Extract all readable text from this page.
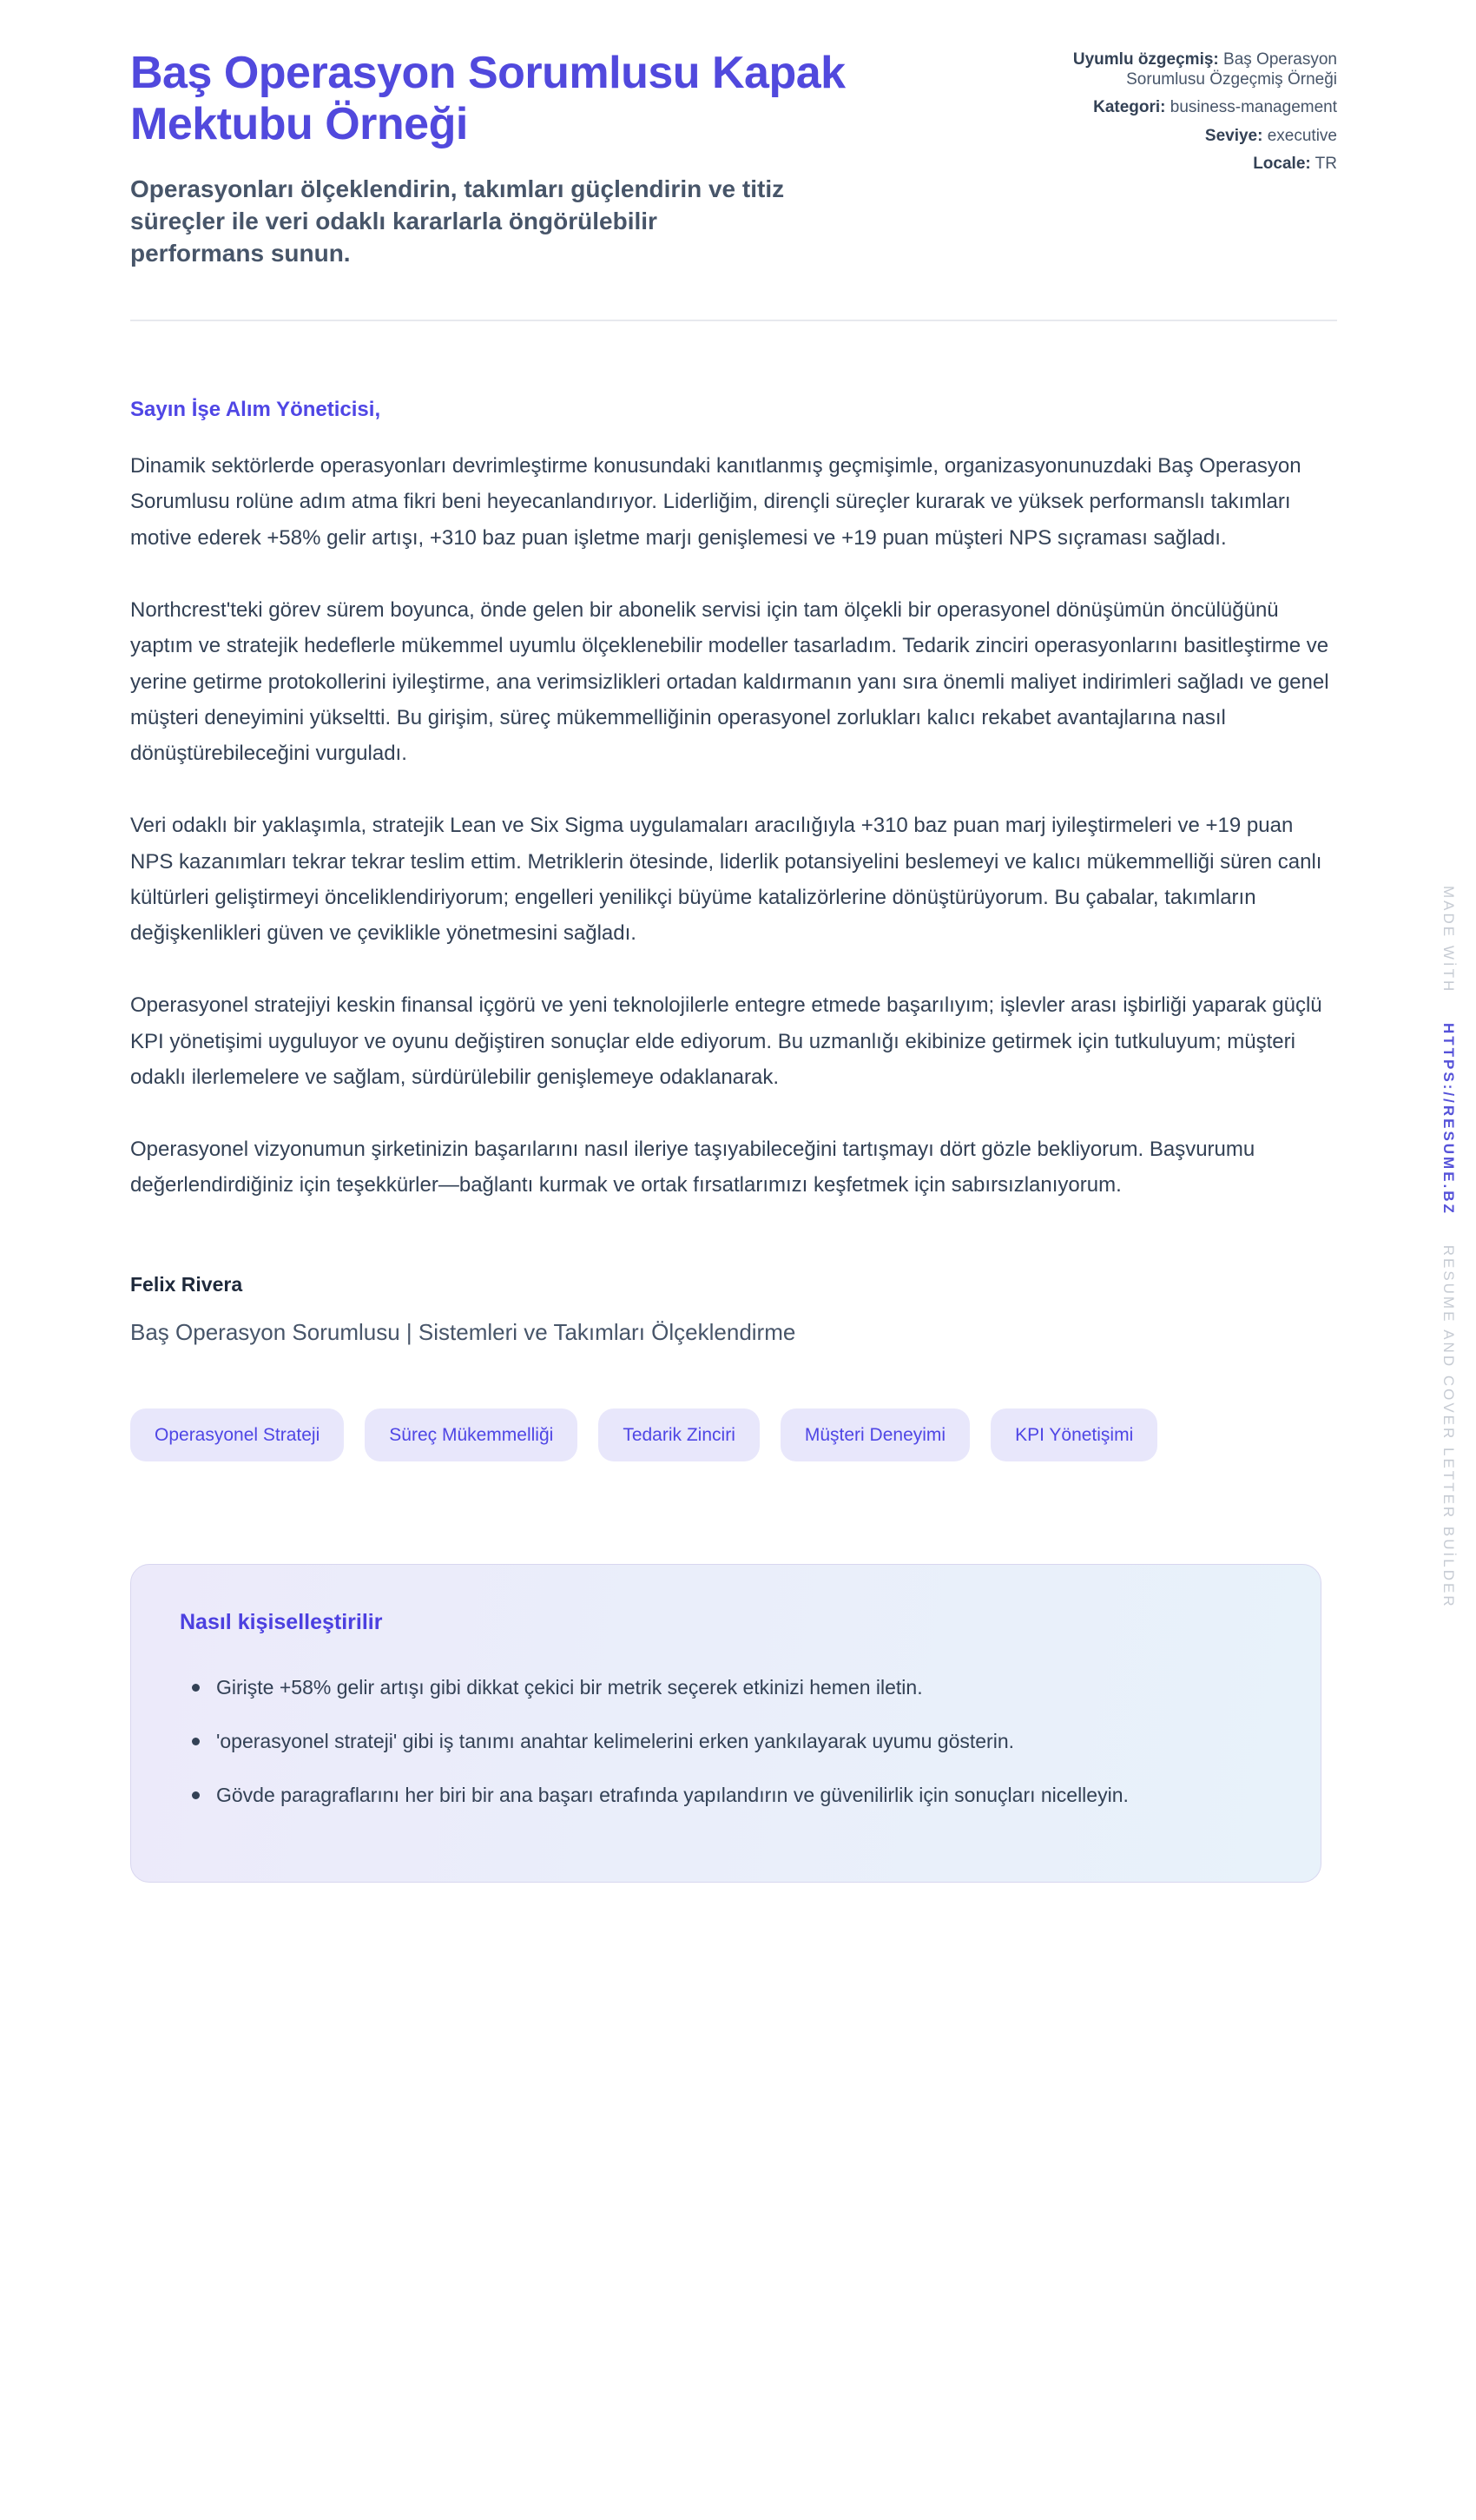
Baş Operasyon Sorumlusu Kapak Mektubu Örneği

Operasyonları ölçeklendirin, takımları güçlendirin ve titiz süreçler ile veri odaklı kararlarla öngörülebilir performans sunun.

Uyumlu özgeçmiş: Baş Operasyon Sorumlusu Özgeçmiş Örneği
Kategori: business-management
Seviye: executive
Locale: TR

Sayın İşe Alım Yöneticisi,

Dinamik sektörlerde operasyonları devrimleştirme konusundaki kanıtlanmış geçmişimle, organizasyonunuzdaki Baş Operasyon Sorumlusu rolüne adım atma fikri beni heyecanlandırıyor. Liderliğim, dirençli süreçler kurarak ve yüksek performanslı takımları motive ederek +58% gelir artışı, +310 baz puan işletme marjı genişlemesi ve +19 puan müşteri NPS sıçraması sağladı.

Northcrest'teki görev sürem boyunca, önde gelen bir abonelik servisi için tam ölçekli bir operasyonel dönüşümün öncülüğünü yaptım ve stratejik hedeflerle mükemmel uyumlu ölçeklenebilir modeller tasarladım. Tedarik zinciri operasyonlarını basitleştirme ve yerine getirme protokollerini iyileştirme, ana verimsizlikleri ortadan kaldırmanın yanı sıra önemli maliyet indirimleri sağladı ve genel müşteri deneyimini yükseltti. Bu girişim, süreç mükemmelliğinin operasyonel zorlukları kalıcı rekabet avantajlarına nasıl dönüştürebileceğini vurguladı.

Veri odaklı bir yaklaşımla, stratejik Lean ve Six Sigma uygulamaları aracılığıyla +310 baz puan marj iyileştirmeleri ve +19 puan NPS kazanımları tekrar tekrar teslim ettim. Metriklerin ötesinde, liderlik potansiyelini beslemeyi ve kalıcı mükemmelliği süren canlı kültürleri geliştirmeyi önceliklendiriyorum; engelleri yenilikçi büyüme katalizörlerine dönüştürüyorum. Bu çabalar, takımların değişkenlikleri güven ve çeviklikle yönetmesini sağladı.

Operasyonel stratejiyi keskin finansal içgörü ve yeni teknolojilerle entegre etmede başarılıyım; işlevler arası işbirliği yaparak güçlü KPI yönetişimi uyguluyor ve oyunu değiştiren sonuçlar elde ediyorum. Bu uzmanlığı ekibinize getirmek için tutkuluyum; müşteri odaklı ilerlemelere ve sağlam, sürdürülebilir genişlemeye odaklanarak.

Operasyonel vizyonumun şirketinizin başarılarını nasıl ileriye taşıyabileceğini tartışmayı dört gözle bekliyorum. Başvurumu değerlendirdiğiniz için teşekkürler—bağlantı kurmak ve ortak fırsatlarımızı keşfetmek için sabırsızlanıyorum.

Felix Rivera

Baş Operasyon Sorumlusu | Sistemleri ve Takımları Ölçeklendirme

Operasyonel Strateji	Süreç Mükemmelliği	Tedarik Zinciri	Müşteri Deneyimi	KPI Yönetişimi
Nasıl kişiselleştirilir
Girişte +58% gelir artışı gibi dikkat çekici bir metrik seçerek etkinizi hemen iletin.
'operasyonel strateji' gibi iş tanımı anahtar kelimelerini erken yankılayarak uyumu gösterin.
Gövde paragraflarını her biri bir ana başarı etrafında yapılandırın ve güvenilirlik için sonuçları nicelleyin.
MADE WİTH HTTPS://RESUME.BZ RESUME AND COVER LETTER BUİLDER
